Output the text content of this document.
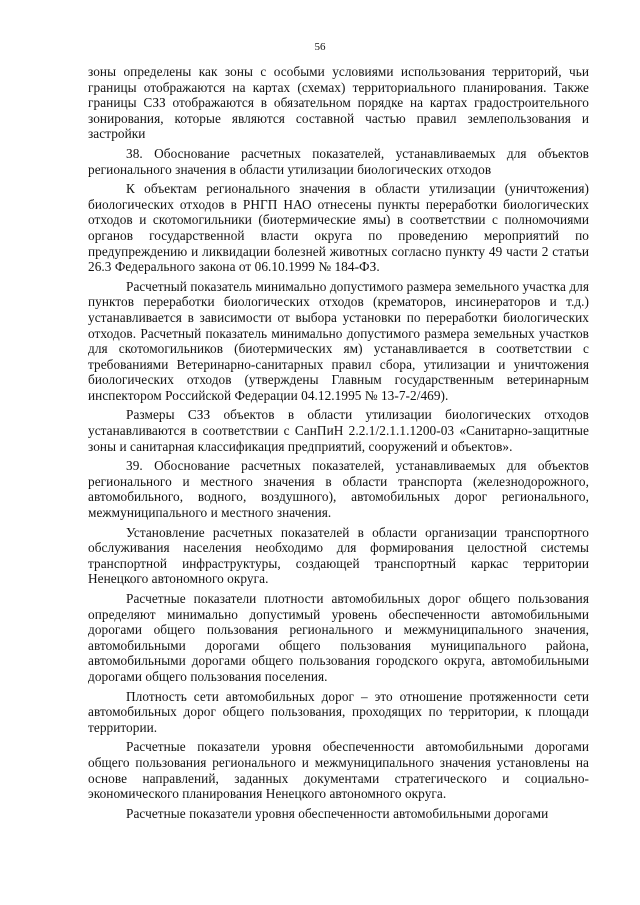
56

зоны определены как зоны с особыми условиями использования территорий, чьи границы отображаются на картах (схемах) территориального планирования. Также границы СЗЗ отображаются в обязательном порядке на картах градостроительного зонирования, которые являются составной частью правил землепользования и застройки

38. Обоснование расчетных показателей, устанавливаемых для объектов регионального значения в области утилизации биологических отходов

К объектам регионального значения в области утилизации (уничтожения) биологических отходов в РНГП НАО отнесены пункты переработки биологических отходов и скотомогильники (биотермические ямы) в соответствии с полномочиями органов государственной власти округа по проведению мероприятий по предупреждению и ликвидации болезней животных согласно пункту 49 части 2 статьи 26.3 Федерального закона от 06.10.1999 № 184-ФЗ.

Расчетный показатель минимально допустимого размера земельного участка для пунктов переработки биологических отходов (крематоров, инсинераторов и т.д.) устанавливается в зависимости от выбора установки по переработки биологических отходов. Расчетный показатель минимально допустимого размера земельных участков для скотомогильников (биотермических ям) устанавливается в соответствии с требованиями Ветеринарно-санитарных правил сбора, утилизации и уничтожения биологических отходов (утверждены Главным государственным ветеринарным инспектором Российской Федерации 04.12.1995 № 13-7-2/469).

Размеры СЗЗ объектов в области утилизации биологических отходов устанавливаются в соответствии с СанПиН 2.2.1/2.1.1.1200-03 «Санитарно-защитные зоны и санитарная классификация предприятий, сооружений и объектов».

39. Обоснование расчетных показателей, устанавливаемых для объектов регионального и местного значения в области транспорта (железнодорожного, автомобильного, водного, воздушного), автомобильных дорог регионального, межмуниципального и местного значения.

Установление расчетных показателей в области организации транспортного обслуживания населения необходимо для формирования целостной системы транспортной инфраструктуры, создающей транспортный каркас территории Ненецкого автономного округа.

Расчетные показатели плотности автомобильных дорог общего пользования определяют минимально допустимый уровень обеспеченности автомобильными дорогами общего пользования регионального и межмуниципального значения, автомобильными дорогами общего пользования муниципального района, автомобильными дорогами общего пользования городского округа, автомобильными дорогами общего пользования поселения.

Плотность сети автомобильных дорог – это отношение протяженности сети автомобильных дорог общего пользования, проходящих по территории, к площади территории.

Расчетные показатели уровня обеспеченности автомобильными дорогами общего пользования регионального и межмуниципального значения установлены на основе направлений, заданных документами стратегического и социально-экономического планирования Ненецкого автономного округа.

Расчетные показатели уровня обеспеченности автомобильными дорогами
